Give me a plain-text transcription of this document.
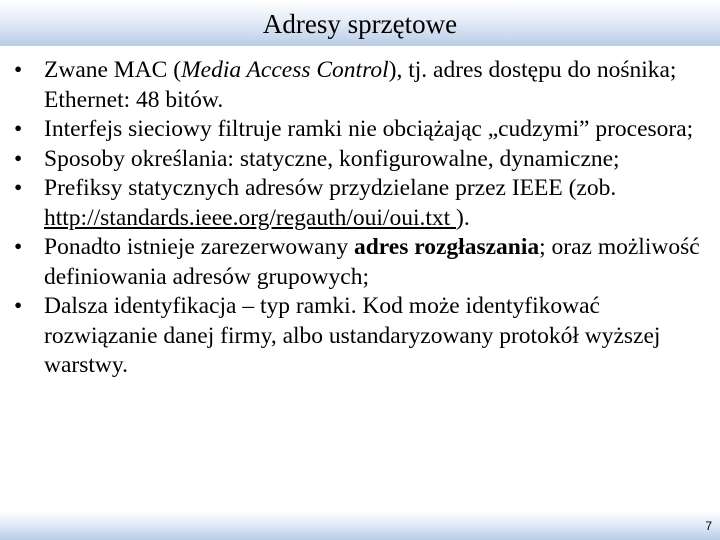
Adresy sprzętowe
• Zwane MAC (Media Access Control), tj. adres dostępu do nośnika; Ethernet: 48 bitów.
• Interfejs sieciowy filtruje ramki nie obciążając „cudzymi” procesora;
• Sposoby określania: statyczne, konfigurowalne, dynamiczne;
• Prefiksy statycznych adresów przydzielane przez IEEE (zob. http://standards.ieee.org/regauth/oui/oui.txt ).
• Ponadto istnieje zarezerwowany adres rozgłaszania; oraz możliwość definiowania adresów grupowych;
• Dalsza identyfikacja – typ ramki. Kod może identyfikować rozwiązanie danej firmy, albo ustandaryzowany protokół wyższej warstwy.
7
